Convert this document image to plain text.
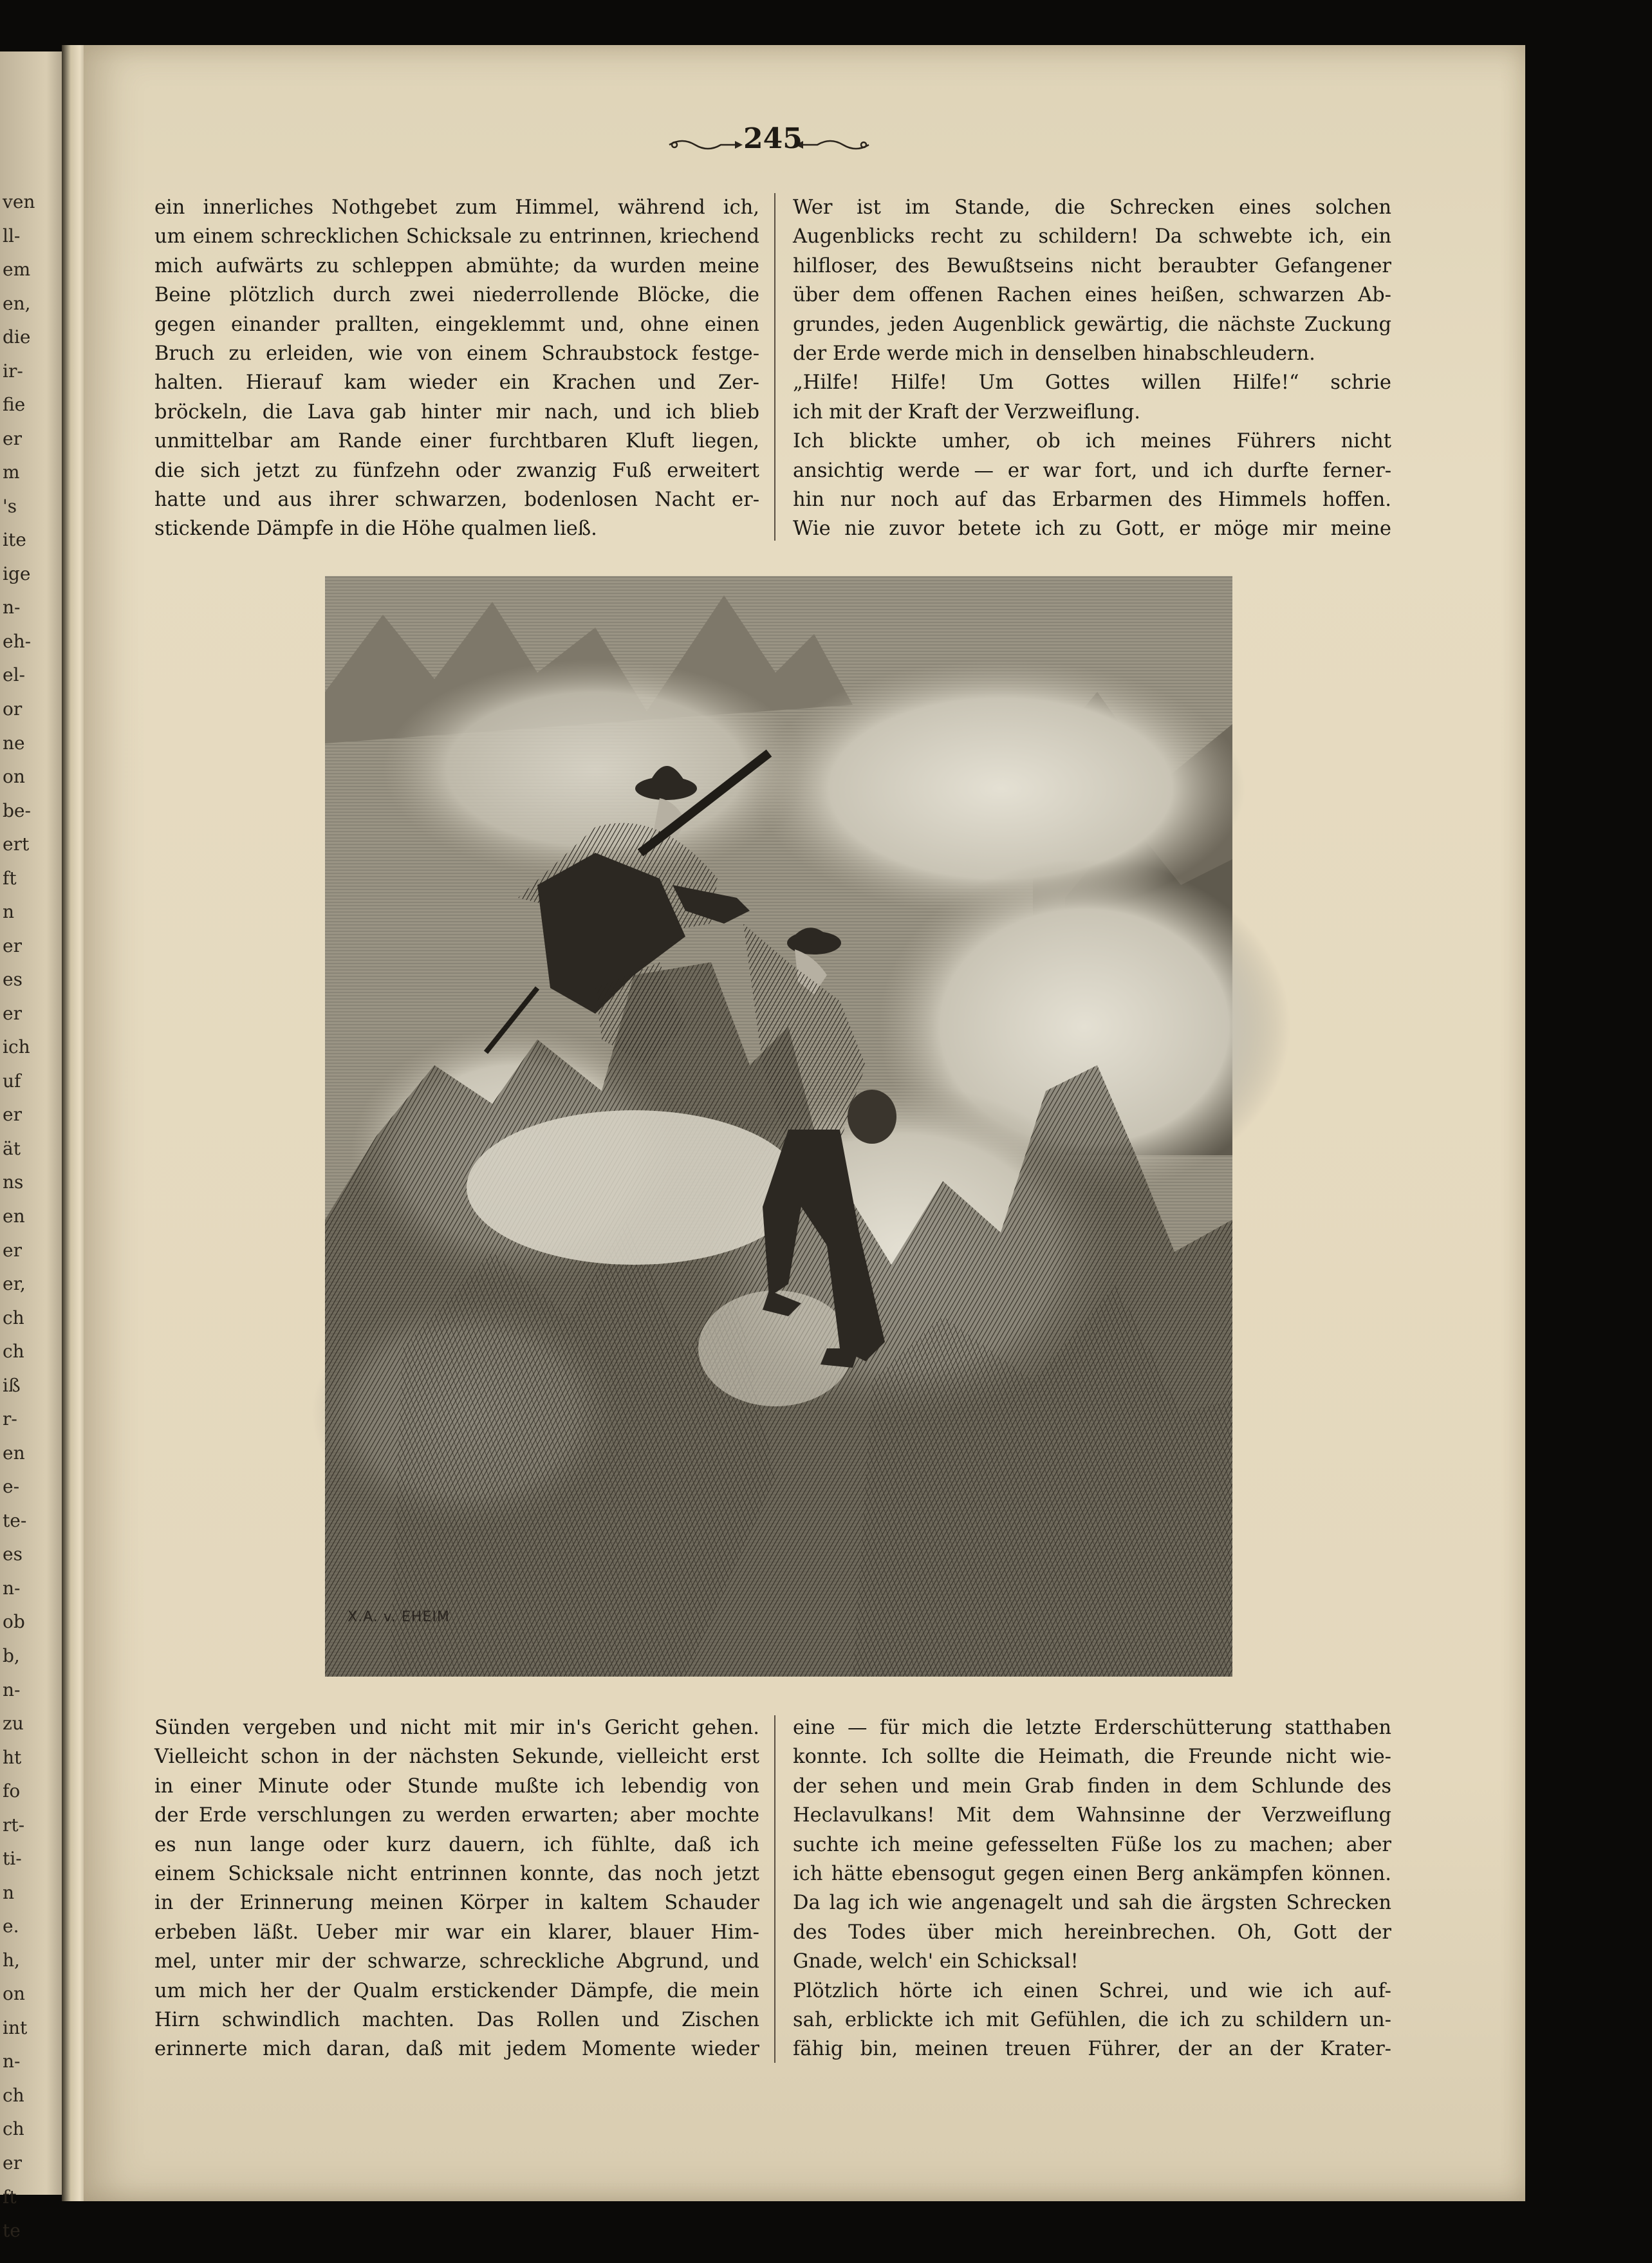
ven
ll-
em
en,
die
ir-
fie
er
m
's
ite
ige
n-
eh-
el-
or
ne
on
be-
ert
ft
n
er
es
er
ich
uf
er
ät
ns
en
er
er,
ch
ch
iß
r-
en
e-
te-
es
n-
ob
b,
n-
zu
ht
fo
rt-
ti-
n
e.
h,
on
int
n-
ch
ch
er
ft
te
245
ein innerliches Nothgebet zum Himmel, während ich,
um einem schrecklichen Schicksale zu entrinnen, kriechend
mich aufwärts zu schleppen abmühte; da wurden meine
Beine plötzlich durch zwei niederrollende Blöcke, die
gegen einander prallten, eingeklemmt und, ohne einen
Bruch zu erleiden, wie von einem Schraubstock festge-
halten. Hierauf kam wieder ein Krachen und Zer-
bröckeln, die Lava gab hinter mir nach, und ich blieb
unmittelbar am Rande einer furchtbaren Kluft liegen,
die sich jetzt zu fünfzehn oder zwanzig Fuß erweitert
hatte und aus ihrer schwarzen, bodenlosen Nacht er-
stickende Dämpfe in die Höhe qualmen ließ.
Wer ist im Stande, die Schrecken eines solchen
Augenblicks recht zu schildern! Da schwebte ich, ein
hilfloser, des Bewußtseins nicht beraubter Gefangener
über dem offenen Rachen eines heißen, schwarzen Ab-
grundes, jeden Augenblick gewärtig, die nächste Zuckung
der Erde werde mich in denselben hinabschleudern.
„Hilfe! Hilfe! Um Gottes willen Hilfe!“ schrie
ich mit der Kraft der Verzweiflung.
Ich blickte umher, ob ich meines Führers nicht
ansichtig werde — er war fort, und ich durfte ferner-
hin nur noch auf das Erbarmen des Himmels hoffen.
Wie nie zuvor betete ich zu Gott, er möge mir meine
X.A. v. EHEIM
Sünden vergeben und nicht mit mir in's Gericht gehen.
Vielleicht schon in der nächsten Sekunde, vielleicht erst
in einer Minute oder Stunde mußte ich lebendig von
der Erde verschlungen zu werden erwarten; aber mochte
es nun lange oder kurz dauern, ich fühlte, daß ich
einem Schicksale nicht entrinnen konnte, das noch jetzt
in der Erinnerung meinen Körper in kaltem Schauder
erbeben läßt. Ueber mir war ein klarer, blauer Him-
mel, unter mir der schwarze, schreckliche Abgrund, und
um mich her der Qualm erstickender Dämpfe, die mein
Hirn schwindlich machten. Das Rollen und Zischen
erinnerte mich daran, daß mit jedem Momente wieder
eine — für mich die letzte Erderschütterung statthaben
konnte. Ich sollte die Heimath, die Freunde nicht wie-
der sehen und mein Grab finden in dem Schlunde des
Heclavulkans! Mit dem Wahnsinne der Verzweiflung
suchte ich meine gefesselten Füße los zu machen; aber
ich hätte ebensogut gegen einen Berg ankämpfen können.
Da lag ich wie angenagelt und sah die ärgsten Schrecken
des Todes über mich hereinbrechen. Oh, Gott der
Gnade, welch' ein Schicksal!
Plötzlich hörte ich einen Schrei, und wie ich auf-
sah, erblickte ich mit Gefühlen, die ich zu schildern un-
fähig bin, meinen treuen Führer, der an der Krater-
